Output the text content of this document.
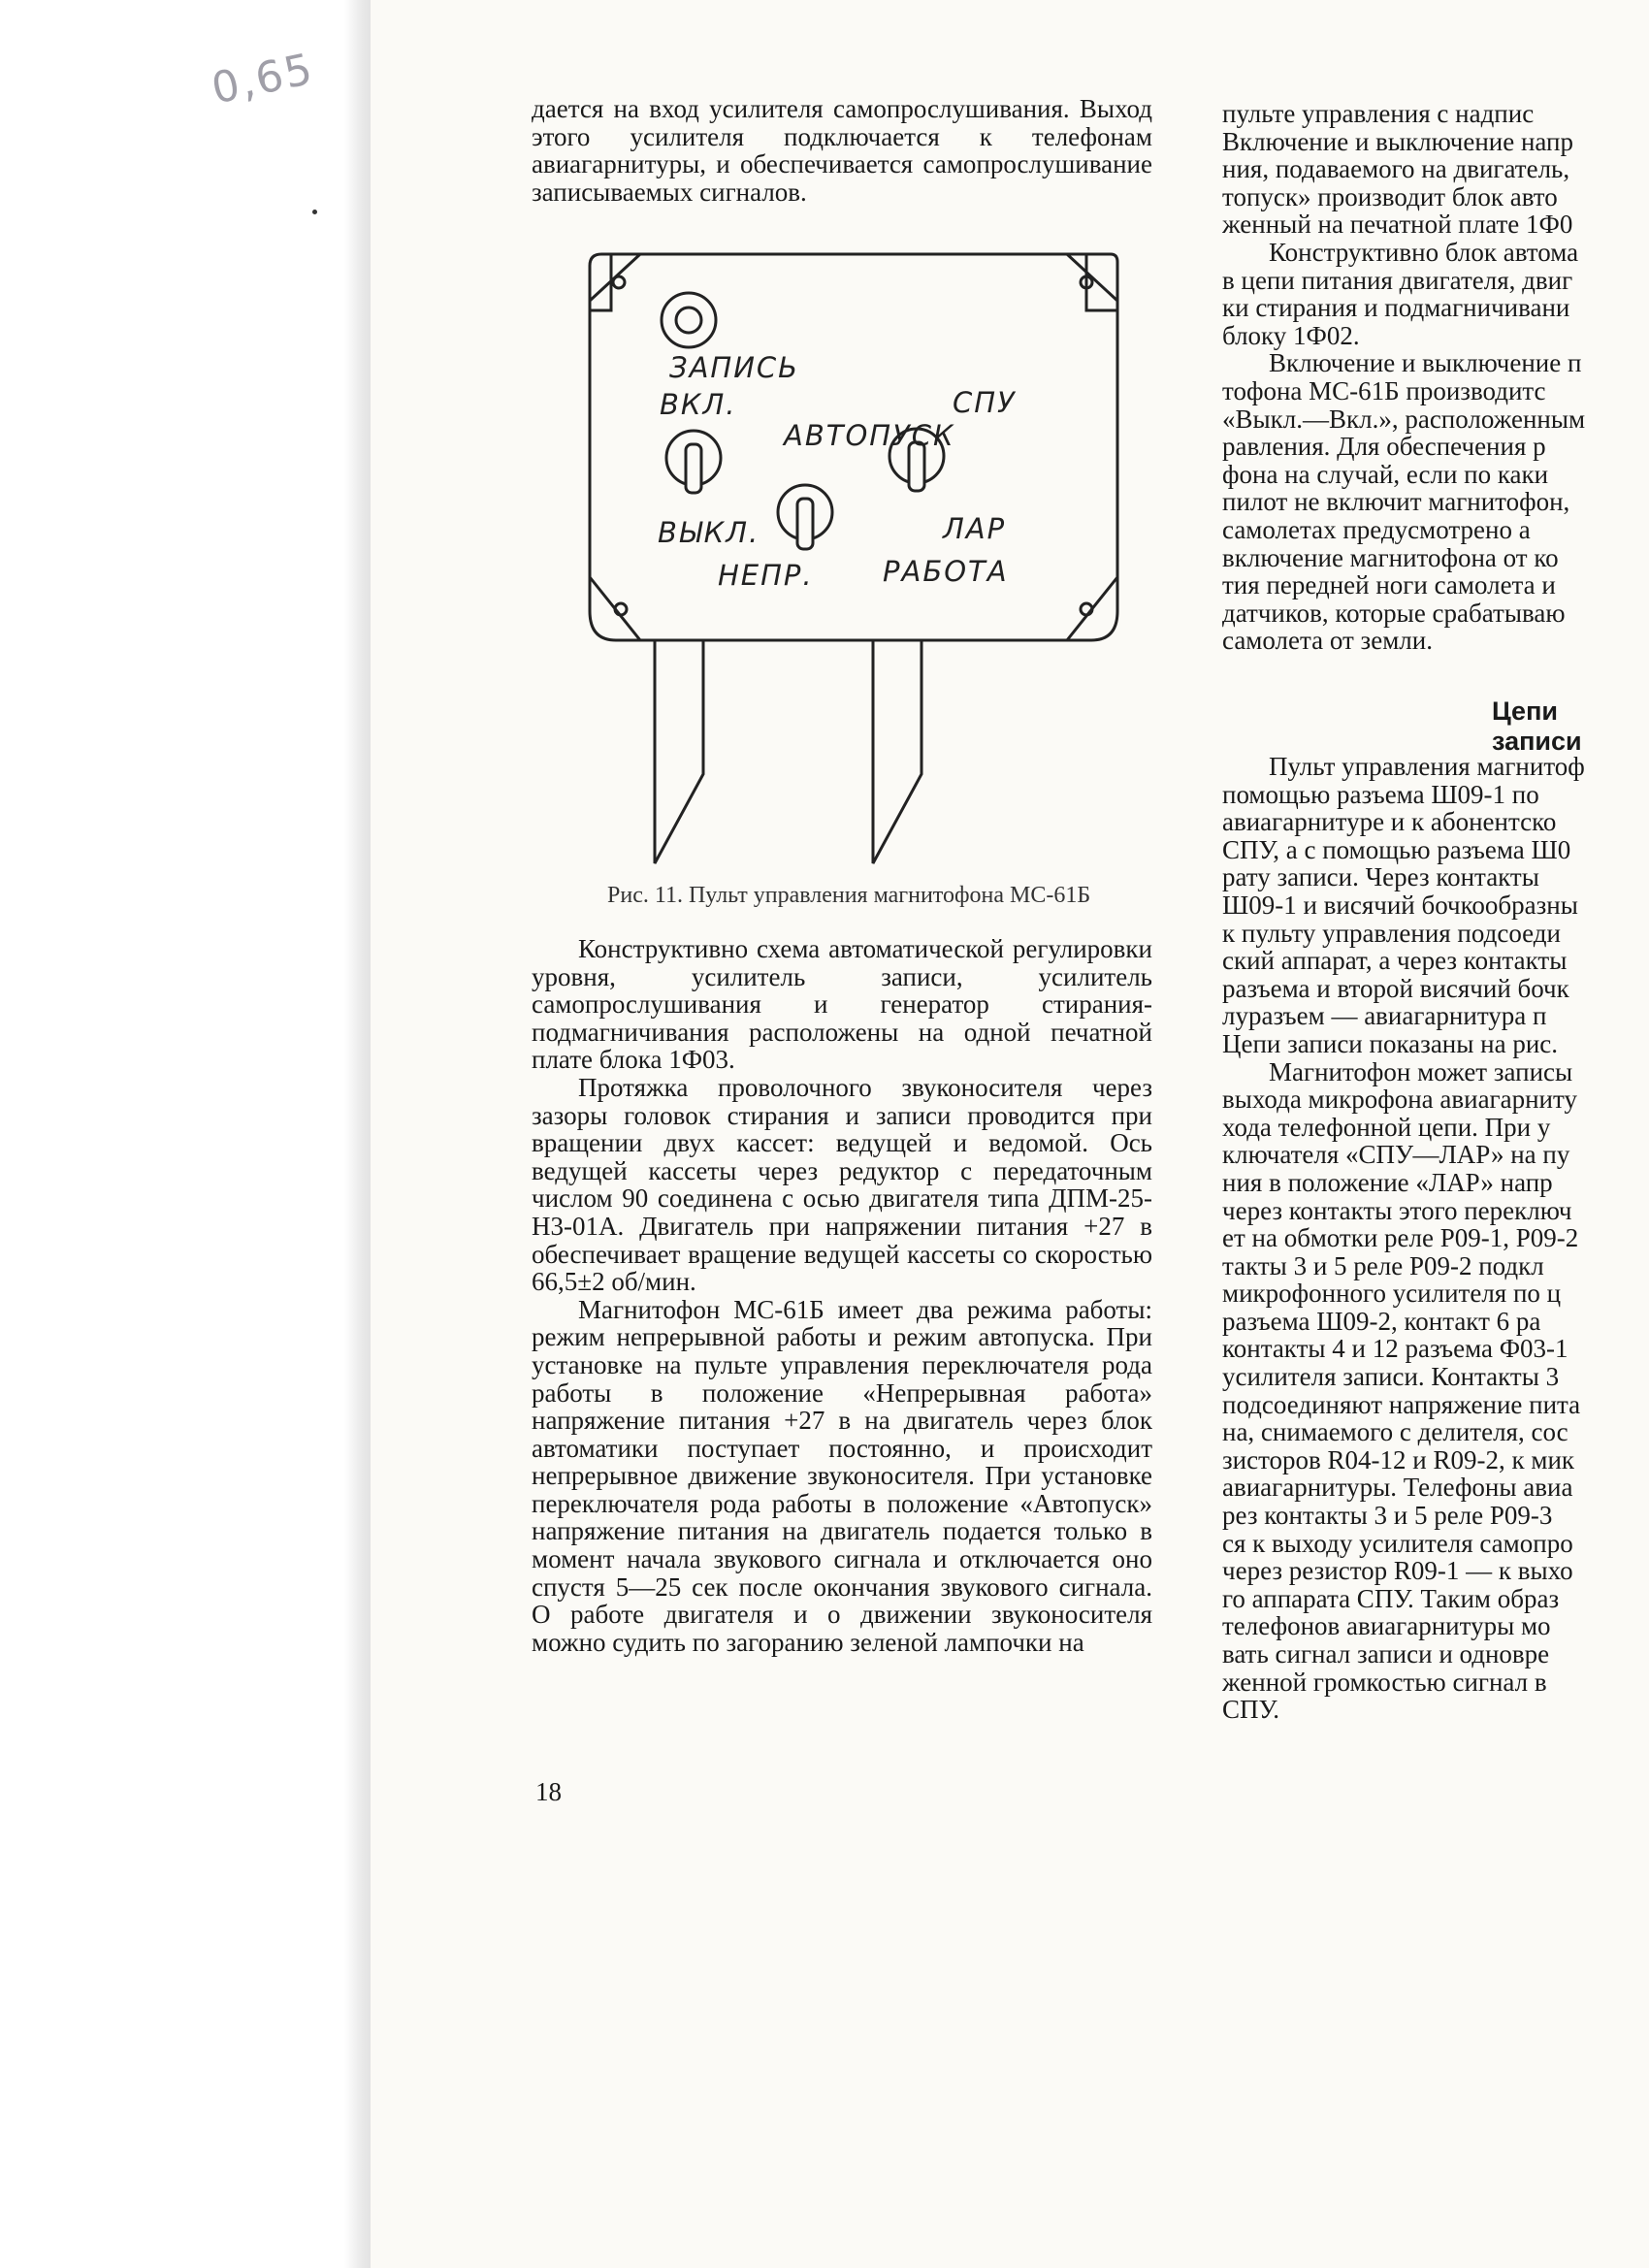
0,65	дается на вход усилителя самопрослушивания. Выход этого усилителя подключается к телефонам авиагарнитуры, и обеспечивается самопрослушивание записываемых сигналов.

ЗАПИСЬ
ВКЛ.	СПУ
АВТОПУСК
ВЫКЛ.	ЛАР
НЕПР. РАБОТА
Рис. 11. Пульт управления магнитофона МС-61Б

Конструктивно схема автоматической регулировки уровня, усилитель записи, усилитель самопрослушивания и генератор стирания-подмагничивания расположены на одной печатной плате блока 1Ф03.

Протяжка проволочного звуконосителя через зазоры головок стирания и записи проводится при вращении двух кассет: ведущей и ведомой. Ось ведущей кассеты через редуктор с передаточным числом 90 соединена с осью двигателя типа ДПМ-25-Н3-01А. Двигатель при напряжении питания +27 в обеспечивает вращение ведущей кассеты со скоростью 66,5±2 об/мин.

Магнитофон МС-61Б имеет два режима работы: режим непрерывной работы и режим автопуска. При установке на пульте управления переключателя рода работы в положение «Непрерывная работа» напряжение питания +27 в на двигатель через блок автоматики поступает постоянно, и происходит непрерывное движение звуконосителя. При установке переключателя рода работы в положение «Автопуск» напряжение питания на двигатель подается только в момент начала звукового сигнала и отключается оно спустя 5—25 сек после окончания звукового сигнала. О работе двигателя и о движении звуконосителя можно судить по загоранию зеленой лампочки на

18
пульте управления с надпис
Включение и выключение напр
ния, подаваемого на двигатель,
топуск» производит блок авто
женный на печатной плате 1Ф0
Конструктивно блок автома
в цепи питания двигателя, двиг
ки стирания и подмагничивани
блоку 1Ф02.
Включение и выключение п
тофона МС-61Б производитс
«Выкл.—Вкл.», расположенным
равления. Для обеспечения р
фона на случай, если по каки
пилот не включит магнитофон,
самолетах предусмотрено а
включение магнитофона от ко
тия передней ноги самолета и
датчиков, которые срабатываю
самолета от земли.
Цепи записи
Пульт управления магнитоф
помощью разъема Ш09-1 по
авиагарнитуре и к абонентско
СПУ, а с помощью разъема Ш0
рату записи. Через контакты
Ш09-1 и висячий бочкообразны
к пульту управления подсоеди
ский аппарат, а через контакты
разъема и второй висячий бочк
луразъем — авиагарнитура п
Цепи записи показаны на рис.
Магнитофон может записы
выхода микрофона авиагарниту
хода телефонной цепи. При у
ключателя «СПУ—ЛАР» на пу
ния в положение «ЛАР» напр
через контакты этого переключ
ет на обмотки реле Р09-1, Р09-2
такты 3 и 5 реле Р09-2 подкл
микрофонного усилителя по ц
разъема Ш09-2, контакт 6 ра
контакты 4 и 12 разъема Ф03-1
усилителя записи. Контакты 3
подсоединяют напряжение пита
на, снимаемого с делителя, сос
зисторов R04-12 и R09-2, к мик
авиагарнитуры. Телефоны авиа
рез контакты 3 и 5 реле Р09-3
ся к выходу усилителя самопро
через резистор R09-1 — к выхо
го аппарата СПУ. Таким образ
телефонов авиагарнитуры мо
вать сигнал записи и одновре
женной громкостью сигнал в
СПУ.
